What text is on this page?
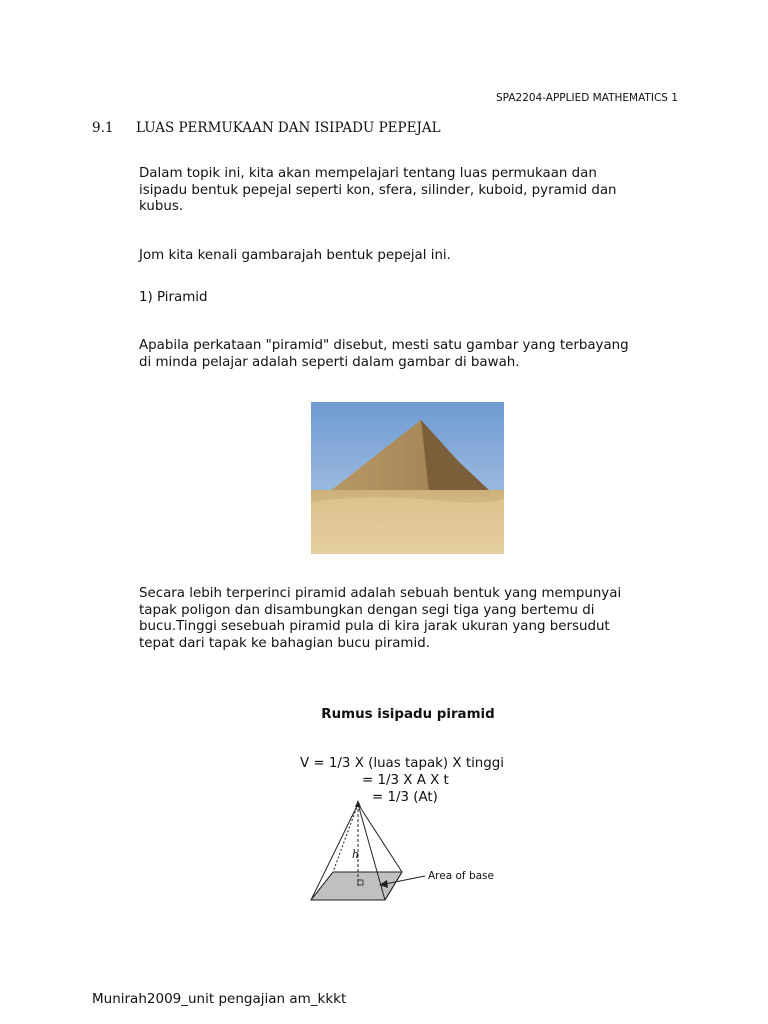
SPA2204-APPLIED MATHEMATICS 1
9.1 LUAS PERMUKAAN DAN ISIPADU PEPEJAL
Dalam topik ini, kita akan mempelajari tentang luas permukaan dan
isipadu bentuk pepejal seperti kon, sfera, silinder, kuboid, pyramid dan
kubus.
Jom kita kenali gambarajah bentuk pepejal ini.
1) Piramid
Apabila perkataan "piramid" disebut, mesti satu gambar yang terbayang
di minda pelajar adalah seperti dalam gambar di bawah.
Secara lebih terperinci piramid adalah sebuah bentuk yang mempunyai
tapak poligon dan disambungkan dengan segi tiga yang bertemu di
bucu.Tinggi sesebuah piramid pula di kira jarak ukuran yang bersudut
tepat dari tapak ke bahagian bucu piramid.
Rumus isipadu piramid
V = 1/3 X (luas tapak) X tinggi
= 1/3 X A X t
= 1/3 (At)
h
Area of base
Munirah2009_unit pengajian am_kkkt
